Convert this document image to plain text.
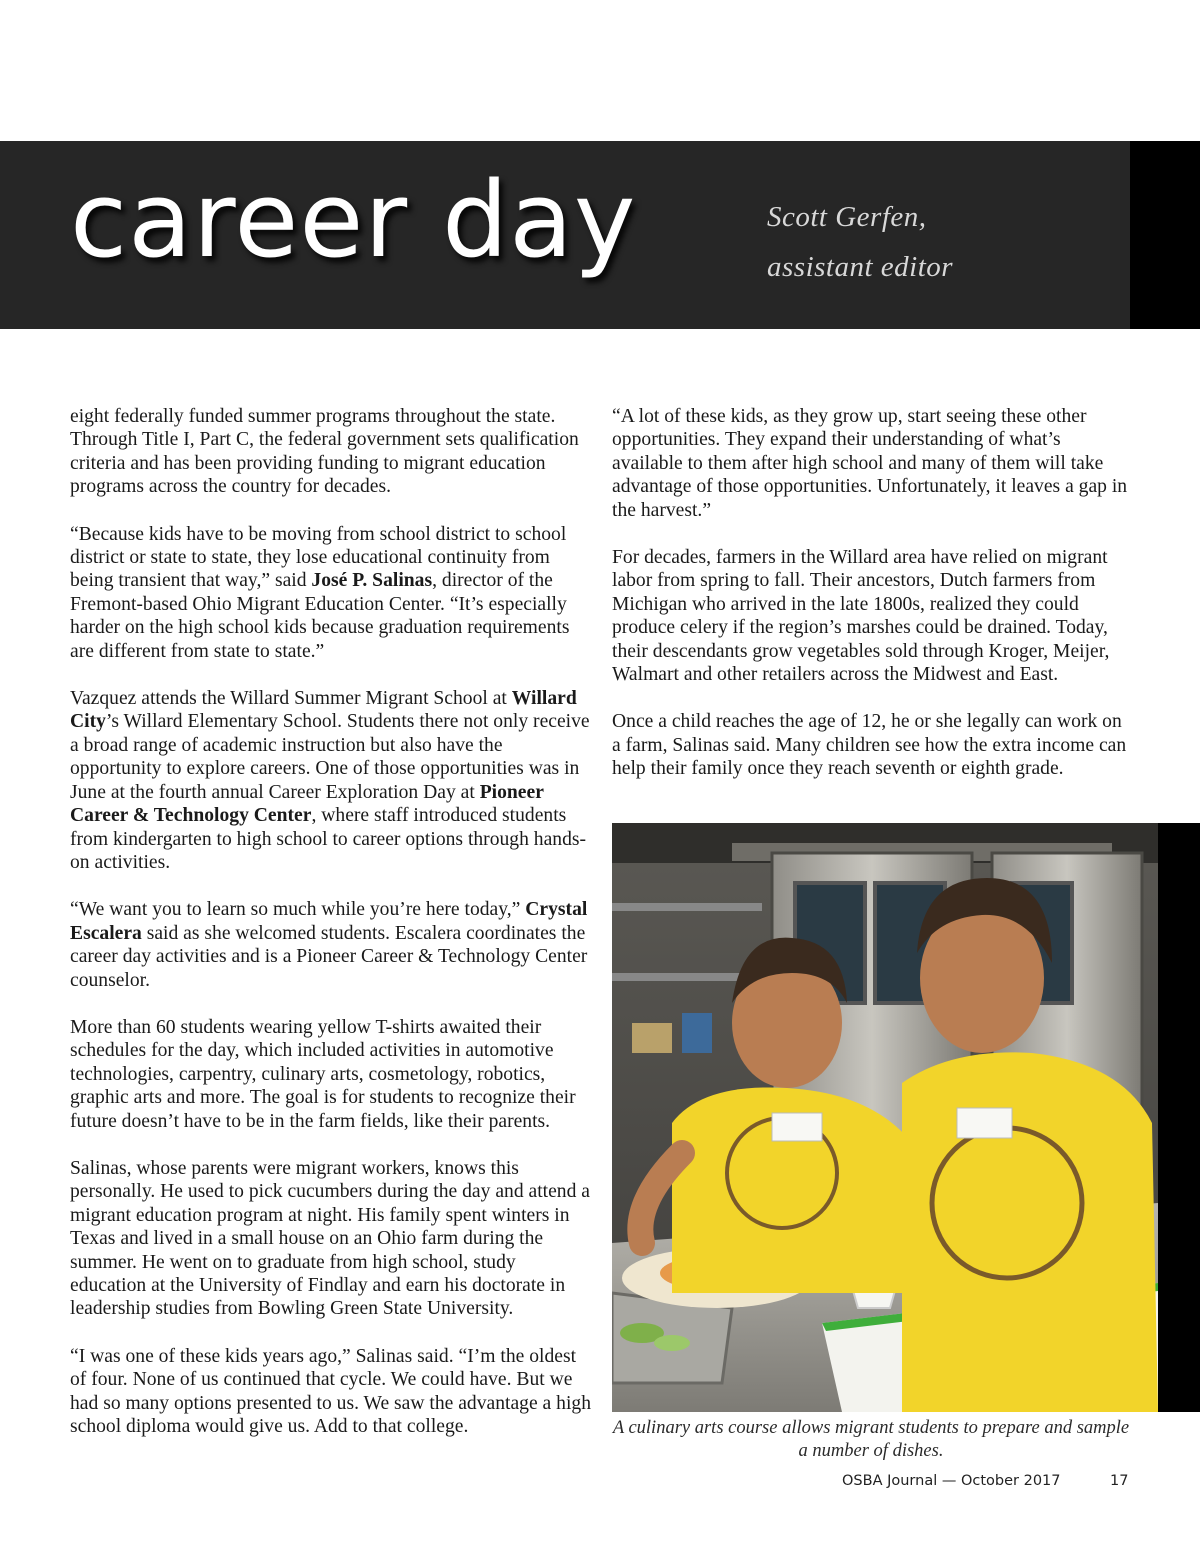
career day	Scott Gerfen,
assistant editor

eight federally funded summer programs throughout the state. Through Title I, Part C, the federal government sets qualification criteria and has been providing funding to migrant education programs across the country for decades.

“Because kids have to be moving from school district to school district or state to state, they lose educational continuity from being transient that way,” said José P. Salinas, director of the Fremont-based Ohio Migrant Education Center. “It’s especially harder on the high school kids because graduation requirements are different from state to state.”

Vazquez attends the Willard Summer Migrant School at Willard City’s Willard Elementary School. Students there not only receive a broad range of academic instruction but also have the opportunity to explore careers. One of those opportunities was in June at the fourth annual Career Exploration Day at Pioneer Career & Technology Center, where staff introduced students from kindergarten to high school to career options through hands-on activities.

“We want you to learn so much while you’re here today,” Crystal Escalera said as she welcomed students. Escalera coordinates the career day activities and is a Pioneer Career & Technology Center counselor.

More than 60 students wearing yellow T-shirts awaited their schedules for the day, which included activities in automotive technologies, carpentry, culinary arts, cosmetology, robotics, graphic arts and more. The goal is for students to recognize their future doesn’t have to be in the farm fields, like their parents.

Salinas, whose parents were migrant workers, knows this personally. He used to pick cucumbers during the day and attend a migrant education program at night. His family spent winters in Texas and lived in a small house on an Ohio farm during the summer. He went on to graduate from high school, study education at the University of Findlay and earn his doctorate in leadership studies from Bowling Green State University.

“I was one of these kids years ago,” Salinas said. “I’m the oldest of four. None of us continued that cycle. We could have. But we had so many options presented to us. We saw the advantage a high school diploma would give us. Add to that college.

“A lot of these kids, as they grow up, start seeing these other opportunities. They expand their understanding of what’s available to them after high school and many of them will take advantage of those opportunities. Unfortunately, it leaves a gap in the harvest.”

For decades, farmers in the Willard area have relied on migrant labor from spring to fall. Their ancestors, Dutch farmers from Michigan who arrived in the late 1800s, realized they could produce celery if the region’s marshes could be drained. Today, their descendants grow vegetables sold through Kroger, Meijer, Walmart and other retailers across the Midwest and East.

Once a child reaches the age of 12, he or she legally can work on a farm, Salinas said. Many children see how the extra income can help their family once they reach seventh or eighth grade.

A culinary arts course allows migrant students to prepare and sample a number of dishes.
OSBA Journal — October 2017	17
